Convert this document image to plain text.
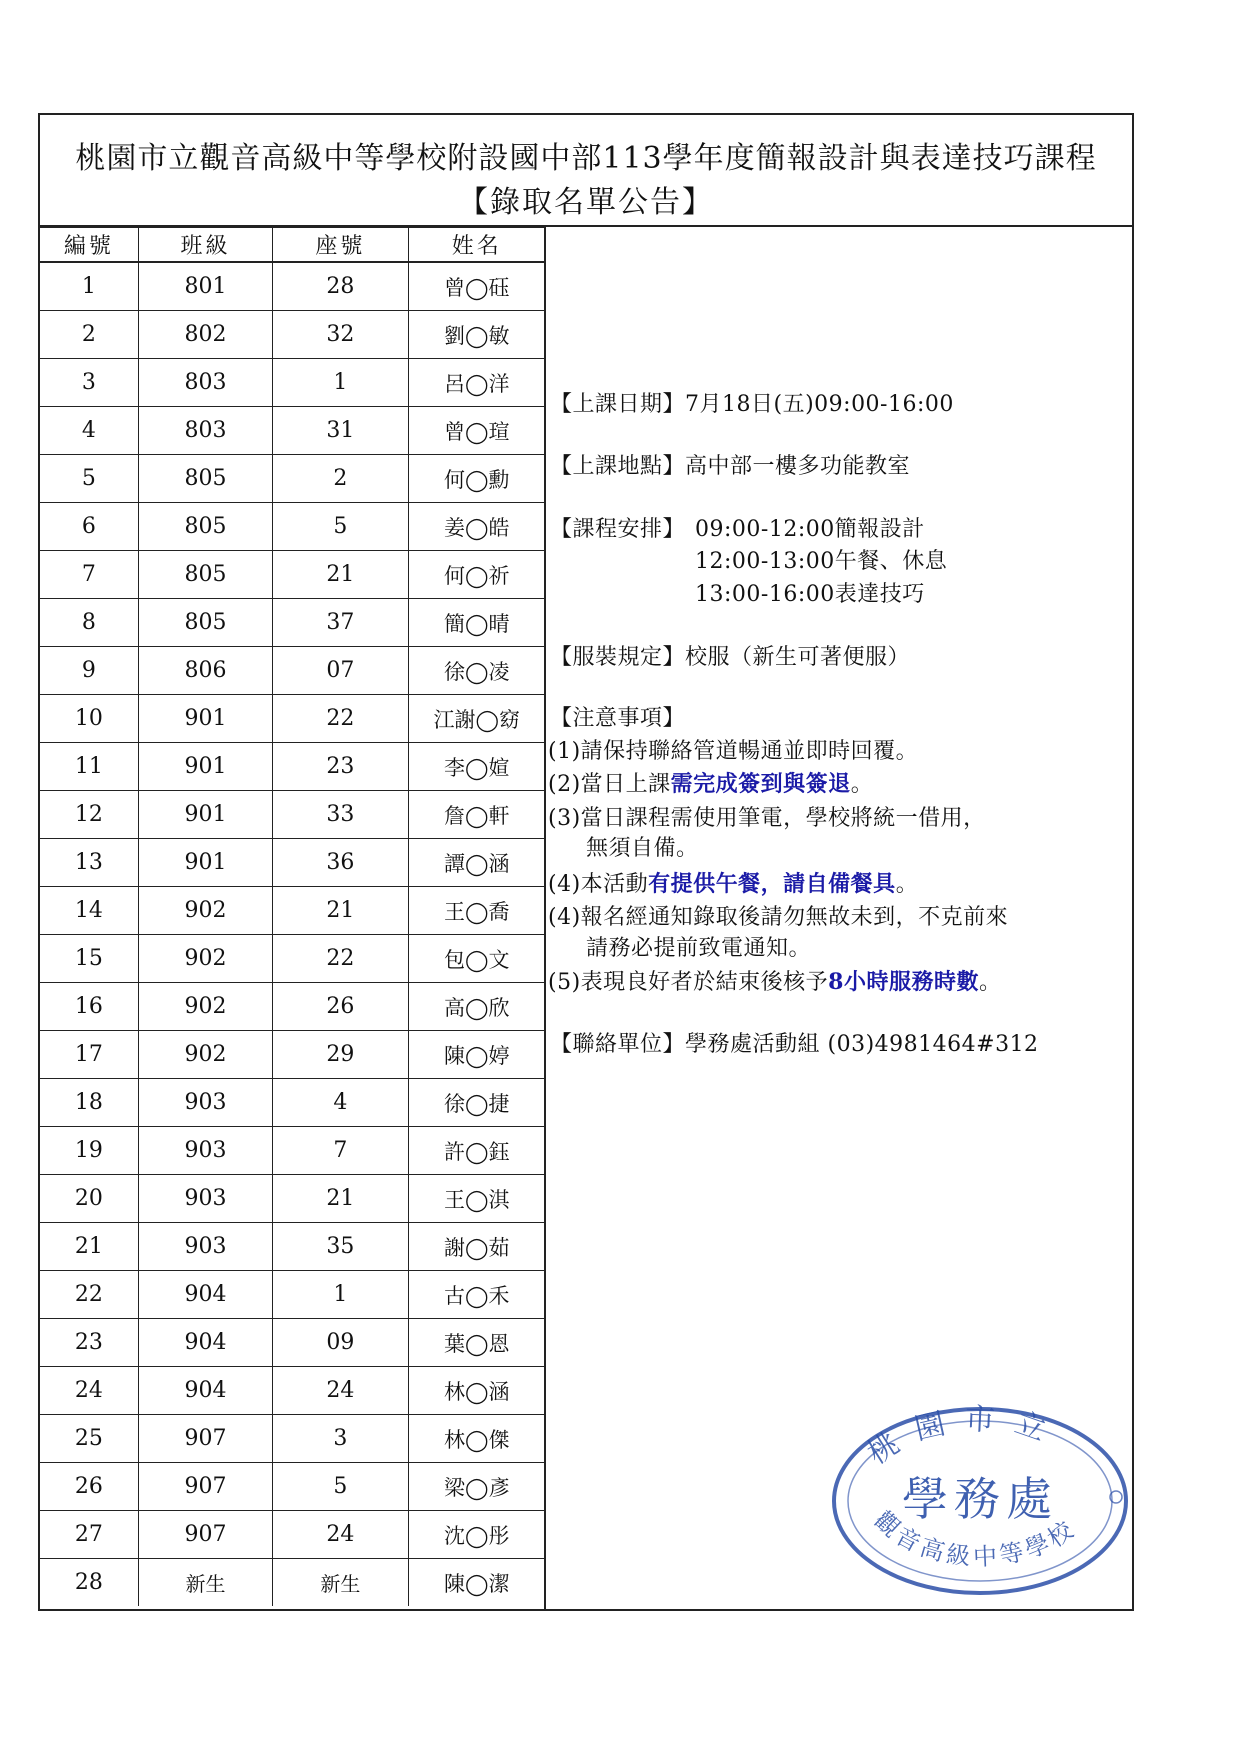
桃園市立觀音高級中等學校附設國中部113學年度簡報設計與表達技巧課程
【錄取名單公告】
編號	班級	座號	姓名
1	801	28	曾◯砡
2	802	32	劉◯敏
3	803	1	呂◯洋
4	803	31	曾◯瑄
5	805	2	何◯勳
6	805	5	姜◯皓
7	805	21	何◯祈
8	805	37	簡◯晴
9	806	07	徐◯凌
10	901	22	江謝◯窈
11	901	23	李◯媗
12	901	33	詹◯軒
13	901	36	譚◯涵
14	902	21	王◯喬
15	902	22	包◯文
16	902	26	高◯欣
17	902	29	陳◯婷
18	903	4	徐◯捷
19	903	7	許◯鈺
20	903	21	王◯淇
21	903	35	謝◯茹
22	904	1	古◯禾
23	904	09	葉◯恩
24	904	24	林◯涵
25	907	3	林◯傑
26	907	5	梁◯彥
27	907	24	沈◯彤
28	新生	新生	陳◯潔
【上課日期】7月18日(五)09:00-16:00
【上課地點】高中部一樓多功能教室
【課程安排】 09:00-12:00簡報設計
12:00-13:00午餐、休息
13:00-16:00表達技巧
【服裝規定】校服（新生可著便服）
【注意事項】
(1)請保持聯絡管道暢通並即時回覆。
(2)當日上課需完成簽到與簽退。
(3)當日課程需使用筆電，學校將統一借用，
無須自備。
(4)本活動有提供午餐，請自備餐具。
(4)報名經通知錄取後請勿無故未到，不克前來
請務必提前致電通知。
(5)表現良好者於結束後核予8小時服務時數。
【聯絡單位】學務處活動組 (03)4981464#312
桃園市立
學務處
觀音高級中等學校
